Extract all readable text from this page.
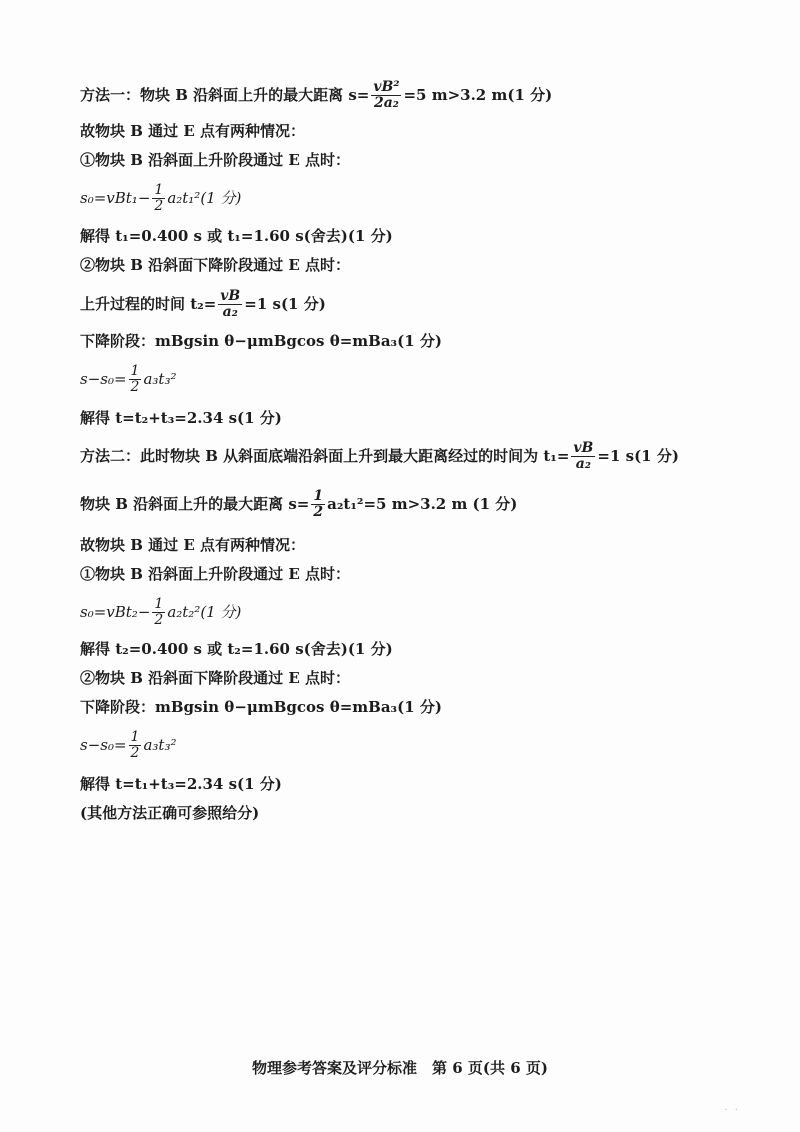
方法一：物块 B 沿斜面上升的最大距离 $s= \frac{\text{vB²}}{\text{2a₂}} =5$ m>3.2 m(1 分)
故物块 B 通过 E 点有两种情况：
①物块 B 沿斜面上升阶段通过 E 点时：
$s_0=vBt_1- \frac{1}{2} a_2t_1^2(1$ 分)
解得 t₁=0.400 s 或 t₁=1.60 s(舍去)(1 分)
②物块 B 沿斜面下降阶段通过 E 点时：
上升过程的时间 $t_2= \frac{vB}{\text{a₂}} =1$ s(1 分)
下降阶段：mBgsin θ−μmBgcos θ=mBa₃(1 分)
$s-s_0= \frac{1}{2} a_3t_3^2$
解得 t=t₂+t₃=2.34 s(1 分)
方法二：此时物块 B 从斜面底端沿斜面上升到最大距离经过的时间为 $t_1= \frac{vB}{\text{a₂}} =1$ s(1 分)
物块 B 沿斜面上升的最大距离 $s= \frac{1}{2} a_2t_1^2=5$ m>3.2 m (1 分)
故物块 B 通过 E 点有两种情况：
①物块 B 沿斜面上升阶段通过 E 点时：
$s_0=vBt_2- \frac{1}{2} a_2t_2^2(1$ 分)
解得 t₂=0.400 s 或 t₂=1.60 s(舍去)(1 分)
②物块 B 沿斜面下降阶段通过 E 点时：
下降阶段：mBgsin θ−μmBgcos θ=mBa₃(1 分)
$s-s_0= \frac{1}{2} a_3t_3^2$
解得 t=t₁+t₃=2.34 s(1 分)
(其他方法正确可参照给分)
物理参考答案及评分标准　第 6 页(共 6 页)
· ·
